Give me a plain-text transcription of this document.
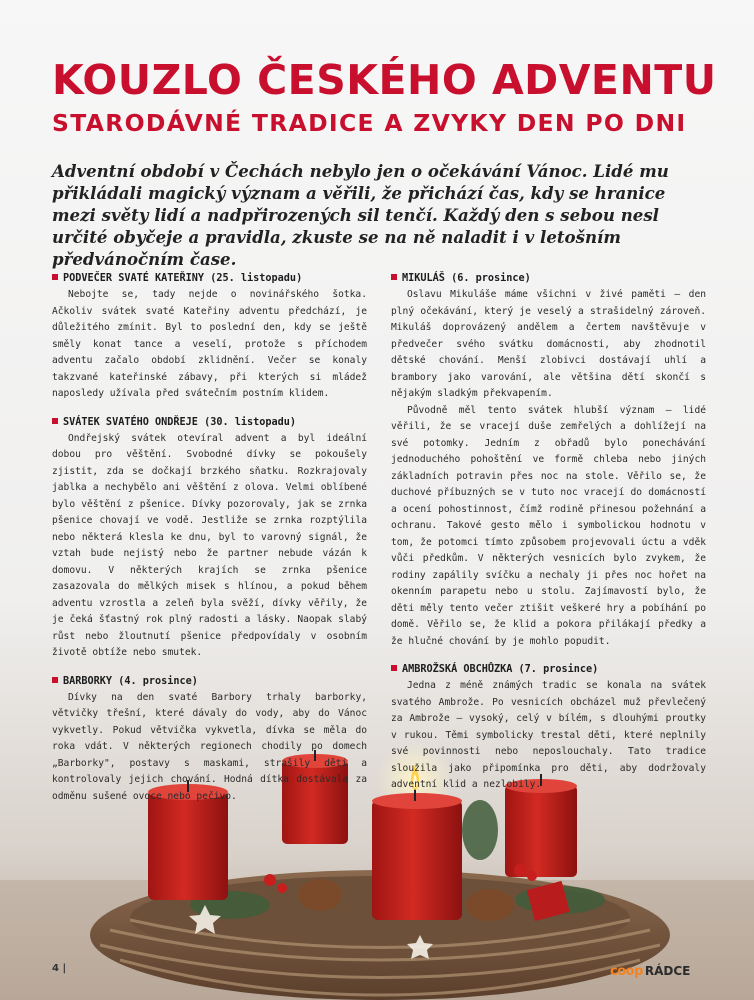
KOUZLO ČESKÉHO ADVENTU
STARODÁVNÉ TRADICE A ZVYKY DEN PO DNI

Adventní období v Čechách nebylo jen o očekávání Vánoc. Lidé mu přikládali magický význam a věřili, že přichází čas, kdy se hranice mezi světy lidí a nadpřirozených sil tenčí. Každý den s sebou nesl určité obyčeje a pravidla, zkuste se na ně naladit i v letošním předvánočním čase.

PODVEČER SVATÉ KATEŘINY (25. listopadu)

Nebojte se, tady nejde o novinářského šotka. Ačkoliv svátek svaté Kateřiny adventu předchází, je důležitého zmínit. Byl to poslední den, kdy se ještě směly konat tance a veselí, protože s příchodem adventu začalo období zklidnění. Večer se konaly takzvané kateřinské zábavy, při kterých si mládež naposledy užívala před svátečním postním klidem.

SVÁTEK SVATÉHO ONDŘEJE (30. listopadu)

Ondřejský svátek otevíral advent a byl ideální dobou pro věštění. Svobodné dívky se pokoušely zjistit, zda se dočkají brzkého sňatku. Rozkrajovaly jablka a nechybělo ani věštění z olova. Velmi oblíbené bylo věštění z pšenice. Dívky pozorovaly, jak se zrnka pšenice chovají ve vodě. Jestliže se zrnka rozptýlila nebo některá klesla ke dnu, byl to varovný signál, že vztah bude nejistý nebo že partner nebude vázán k domovu. V některých krajích se zrnka pšenice zasazovala do mělkých misek s hlínou, a pokud během adventu vzrostla a zeleň byla svěží, dívky věřily, že je čeká šťastný rok plný radosti a lásky. Naopak slabý růst nebo žloutnutí pšenice předpovídaly v osobním životě obtíže nebo smutek.

BARBORKY (4. prosince)

Dívky na den svaté Barbory trhaly barborky, větvičky třešní, které dávaly do vody, aby do Vánoc vykvetly. Pokud větvička vykvetla, dívka se měla do roka vdát. V některých regionech chodily po domech „Barborky", postavy s maskami, strašily děti a kontrolovaly jejich chování. Hodná dítka dostávala za odměnu sušené ovoce nebo pečivo.

MIKULÁŠ (6. prosince)

Oslavu Mikuláše máme všichni v živé paměti – den plný očekávání, který je veselý a strašidelný zároveň. Mikuláš doprovázený andělem a čertem navštěvuje v předvečer svého svátku domácnosti, aby zhodnotil dětské chování. Menší zlobivci dostávají uhlí a brambory jako varování, ale většina dětí skončí s nějakým sladkým překvapením.

Původně měl tento svátek hlubší význam – lidé věřili, že se vracejí duše zemřelých a dohlížejí na své potomky. Jedním z obřadů bylo ponechávání jednoduchého pohoštění ve formě chleba nebo jiných základních potravin přes noc na stole. Věřilo se, že duchové příbuzných se v tuto noc vracejí do domácností a ocení pohostinnost, čímž rodině přinesou požehnání a ochranu. Takové gesto mělo i symbolickou hodnotu v tom, že potomci tímto způsobem projevovali úctu a vděk vůči předkům. V některých vesnicích bylo zvykem, že rodiny zapálily svíčku a nechaly ji přes noc hořet na okenním parapetu nebo u stolu. Zajímavostí bylo, že děti měly tento večer ztišit veškeré hry a pobíhání po domě. Věřilo se, že klid a pokora přilákají předky a že hlučné chování by je mohlo popudit.

AMBROŽSKÁ OBCHŮZKA (7. prosince)

Jedna z méně známých tradic se konala na svátek svatého Ambrože. Po vesnicích obcházel muž převlečený za Ambrože – vysoký, celý v bílém, s dlouhými proutky v rukou. Těmi symbolicky trestal děti, které neplnily své povinnosti nebo neposlouchaly. Tato tradice sloužila jako připomínka pro děti, aby dodržovaly adventní klid a nezlobily.

4 |	coop RÁDCE
